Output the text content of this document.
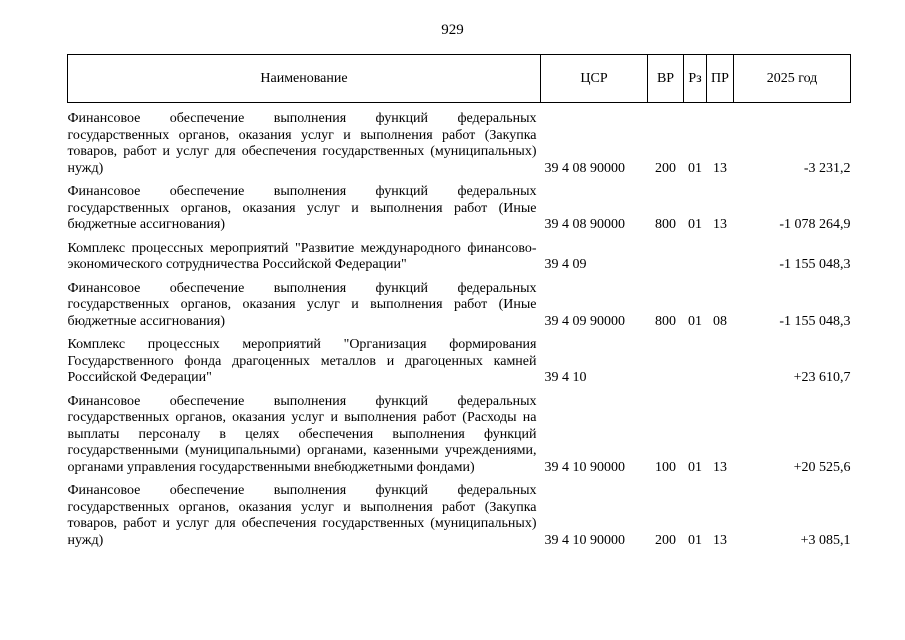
929
Наименование	ЦСР	ВР	Рз	ПР	2025 год
Финансовое обеспечение выполнения функций федеральных государственных органов, оказания услуг и выполнения работ (Закупка товаров, работ и услуг для обеспечения государственных (муниципальных) нужд)	39 4 08 90000	200	01	13	-3 231,2
Финансовое обеспечение выполнения функций федеральных государственных органов, оказания услуг и выполнения работ (Иные бюджетные ассигнования)	39 4 08 90000	800	01	13	-1 078 264,9
Комплекс процессных мероприятий "Развитие международного финансово-экономического сотрудничества Российской Федерации"	39 4 09				-1 155 048,3
Финансовое обеспечение выполнения функций федеральных государственных органов, оказания услуг и выполнения работ (Иные бюджетные ассигнования)	39 4 09 90000	800	01	08	-1 155 048,3
Комплекс процессных мероприятий "Организация формирования Государственного фонда драгоценных металлов и драгоценных камней Российской Федерации"	39 4 10				+23 610,7
Финансовое обеспечение выполнения функций федеральных государственных органов, оказания услуг и выполнения работ (Расходы на выплаты персоналу в целях обеспечения выполнения функций государственными (муниципальными) органами, казенными учреждениями, органами управления государственными внебюджетными фондами)	39 4 10 90000	100	01	13	+20 525,6
Финансовое обеспечение выполнения функций федеральных государственных органов, оказания услуг и выполнения работ (Закупка товаров, работ и услуг для обеспечения государственных (муниципальных) нужд)	39 4 10 90000	200	01	13	+3 085,1
